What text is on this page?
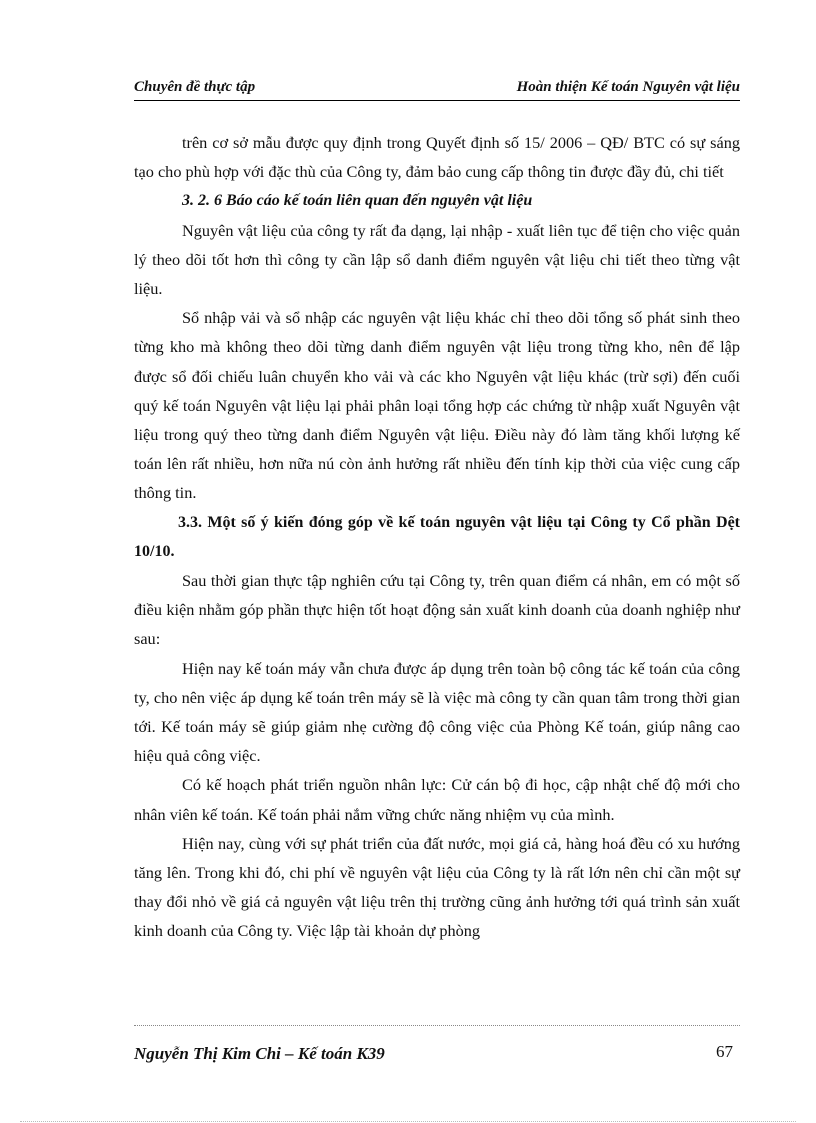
Chuyên đề thực tập	Hoàn thiện Kế toán Nguyên vật liệu

trên cơ sở mẫu được quy định trong Quyết định số 15/ 2006 – QĐ/ BTC có sự sáng tạo cho phù hợp với đặc thù của Công ty, đảm bảo cung cấp thông tin được đầy đủ, chi tiết

3. 2. 6 Báo cáo kế toán liên quan đến nguyên vật liệu

Nguyên vật liệu của công ty rất đa dạng, lại nhập - xuất liên tục để tiện cho việc quản lý theo dõi tốt hơn thì công ty cần lập sổ danh điểm nguyên vật liệu chi tiết theo từng vật liệu.

Sổ nhập vải và sổ nhập các nguyên vật liệu khác chỉ theo dõi tổng số phát sinh theo từng kho mà không theo dõi từng danh điểm nguyên vật liệu trong từng kho, nên để lập được sổ đối chiếu luân chuyển kho vải và các kho Nguyên vật liệu khác (trừ sợi) đến cuối quý kế toán Nguyên vật liệu lại phải phân loại tổng hợp các chứng từ nhập xuất Nguyên vật liệu trong quý theo từng danh điểm Nguyên vật liệu. Điều này đó làm tăng khối lượng kế toán lên rất nhiều, hơn nữa nú còn ảnh hưởng rất nhiều đến tính kịp thời của việc cung cấp thông tin.

3.3. Một số ý kiến đóng góp về kế toán nguyên vật liệu tại Công ty Cổ phần Dệt 10/10.

Sau thời gian thực tập nghiên cứu tại Công ty, trên quan điểm cá nhân, em có một số điều kiện nhằm góp phần thực hiện tốt hoạt động sản xuất kinh doanh của doanh nghiệp như sau:

Hiện nay kế toán máy vẫn chưa được áp dụng trên toàn bộ công tác kế toán của công ty, cho nên việc áp dụng kế toán trên máy sẽ là việc mà công ty cần quan tâm trong thời gian tới. Kế toán máy sẽ giúp giảm nhẹ cường độ công việc của Phòng Kế toán, giúp nâng cao hiệu quả công việc.

Có kế hoạch phát triển nguồn nhân lực: Cử cán bộ đi học, cập nhật chế độ mới cho nhân viên kế toán. Kế toán phải nắm vững chức năng nhiệm vụ của mình.

Hiện nay, cùng với sự phát triển của đất nước, mọi giá cả, hàng hoá đều có xu hướng tăng lên. Trong khi đó, chi phí về nguyên vật liệu của Công ty là rất lớn nên chỉ cần một sự thay đổi nhỏ về giá cả nguyên vật liệu trên thị trường cũng ảnh hưởng tới quá trình sản xuất kinh doanh của Công ty. Việc lập tài khoản dự phòng

Nguyễn Thị Kim Chi – Kế toán K39	67
